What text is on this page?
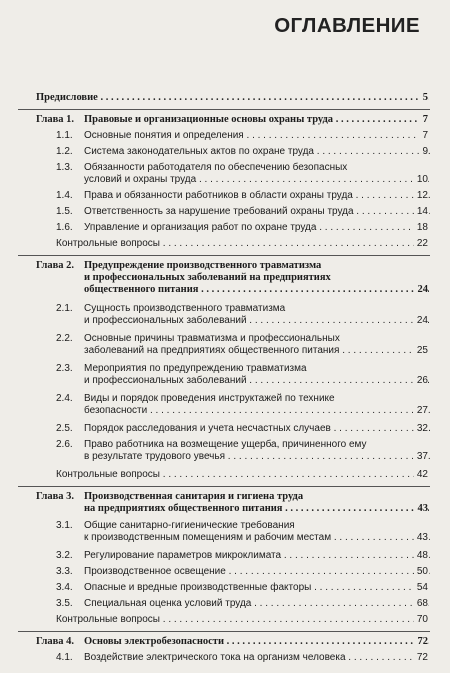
ОГЛАВЛЕНИЕ
Предисловие . . .	5
Глава 1. Правовые и организационные основы охраны труда . . .	7
1.1. Основные понятия и определения . . .	7
1.2. Система законодательных актов по охране труда . . .	9
1.3. Обязанности работодателя по обеспечению безопасных
условий и охраны труда . . .	10
1.4. Права и обязанности работников в области охраны труда . . .	12
1.5. Ответственность за нарушение требований охраны труда . . .	14
1.6. Управление и организация работ по охране труда . . .	18
Контрольные вопросы . . .	22
Глава 2. Предупреждение производственного травматизма
и профессиональных заболеваний на предприятиях
общественного питания . . .	24
2.1. Сущность производственного травматизма
и профессиональных заболеваний . . .	24
2.2. Основные причины травматизма и профессиональных
заболеваний на предприятиях общественного питания . . .	25
2.3. Мероприятия по предупреждению травматизма
и профессиональных заболеваний . . .	26
2.4. Виды и порядок проведения инструктажей по технике
безопасности . . .	27
2.5. Порядок расследования и учета несчастных случаев . . .	32
2.6. Право работника на возмещение ущерба, причиненного ему
в результате трудового увечья . . .	37
Контрольные вопросы . . .	42
Глава 3. Производственная санитария и гигиена труда
на предприятиях общественного питания . . .	43
3.1. Общие санитарно-гигиенические требования
к производственным помещениям и рабочим местам . . .	43
3.2. Регулирование параметров микроклимата . . .	48
3.3. Производственное освещение . . .	50
3.4. Опасные и вредные производственные факторы . . .	54
3.5. Специальная оценка условий труда . . .	68
Контрольные вопросы . . .	70
Глава 4. Основы электробезопасности . . .	72
4.1. Воздействие электрического тока на организм человека . . .	72
